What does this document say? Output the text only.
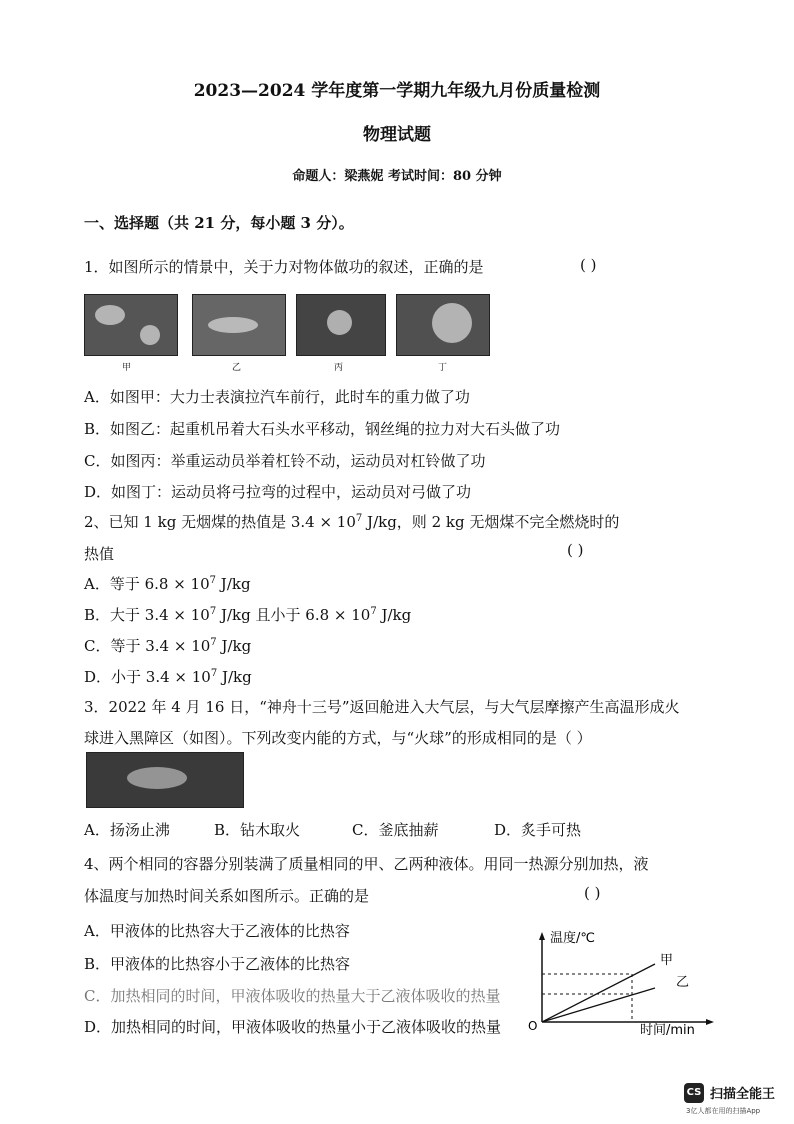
2023—2024 学年度第一学期九年级九月份质量检测
物理试题
命题人：梁燕妮 考试时间：80 分钟
一、选择题（共 21 分，每小题 3 分）。
1．如图所示的情景中，关于力对物体做功的叙述，正确的是	( )
甲	乙	丙	丁
A．如图甲：大力士表演拉汽车前行，此时车的重力做了功
B．如图乙：起重机吊着大石头水平移动，钢丝绳的拉力对大石头做了功
C．如图丙：举重运动员举着杠铃不动，运动员对杠铃做了功
D．如图丁：运动员将弓拉弯的过程中，运动员对弓做了功
2、已知 1 kg 无烟煤的热值是 $3.4 \times 10^7$ J/kg，则 2 kg 无烟煤不完全燃烧时的
热值	( )
A．等于 $6.8 \times 10^7$ J/kg
B．大于 $3.4 \times 10^7$ J/kg 且小于 $6.8 \times 10^7$ J/kg
C．等于 $3.4 \times 10^7$ J/kg
D．小于 $3.4 \times 10^7$ J/kg
3．2022 年 4 月 16 日，“神舟十三号”返回舱进入大气层，与大气层摩擦产生高温形成火
球进入黑障区（如图）。下列改变内能的方式，与“火球”的形成相同的是（ ）
A．扬汤止沸	B．钻木取火	C．釜底抽薪	D．炙手可热
4、两个相同的容器分别装满了质量相同的甲、乙两种液体。用同一热源分别加热，液
体温度与加热时间关系如图所示。正确的是	( )
A．甲液体的比热容大于乙液体的比热容
B．甲液体的比热容小于乙液体的比热容
C．加热相同的时间，甲液体吸收的热量大于乙液体吸收的热量
D．加热相同的时间，甲液体吸收的热量小于乙液体吸收的热量
温度/℃
时间/min
O
甲
乙
CS 扫描全能王
3亿人都在用的扫描App
